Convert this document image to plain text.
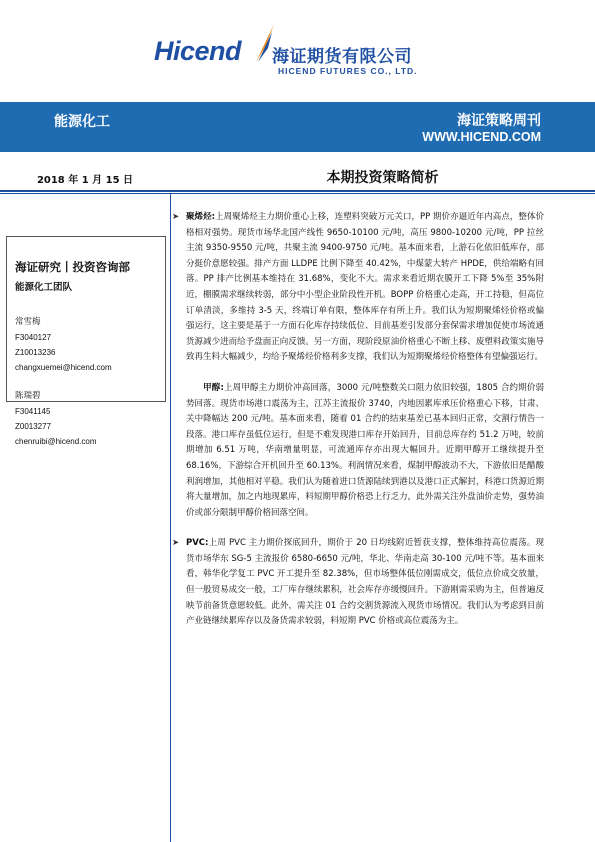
Hicend 海证期货有限公司
HICEND FUTURES CO., LTD.
能源化工	海证策略周刊
WWW.HICEND.COM
2018 年 1 月 15 日	本期投资策略简析
海证研究丨投资咨询部
能源化工团队
常雪梅
F3040127
Z10013236
changxuemei@hicend.com
陈瑞碧
F3041145
Z0013277
chenruibi@hicend.com

➤ 聚烯烃:上周聚烯烃主力期价重心上移，连塑料突破万元关口，PP 期价亦逼近年内高点，整体价格相对强势。现货市场华北国产线性 9650-10100 元/吨，高压 9800-10200 元/吨，PP 拉丝主流 9350-9550 元/吨，共聚主流 9400-9750 元/吨。基本面来看，上游石化依旧低库存，部分挺价意愿较强。排产方面 LLDPE 比例下降至 40.42%，中煤蒙大转产 HPDE，供给端略有回落。PP 排产比例基本维持在 31.68%，变化不大。需求来看近期农膜开工下降 5%至 35%附近，棚膜需求继续转弱，部分中小型企业阶段性开机。BOPP 价格重心走高，开工持稳，但高位订单清淡，多维持 3-5 天，终端订单有限，整体库存有所上升。我们认为短期聚烯烃价格或偏强运行，这主要是基于一方面石化库存持续低位、目前基差引发部分套保需求增加促使市场流通货源减少进而给予盘面正向反馈。另一方面，现阶段原油价格重心不断上移、废塑料政策实施导致再生料大幅减少，均给予聚烯烃价格利多支撑，我们认为短期聚烯烃价格整体有望偏强运行。

甲醇:上周甲醇主力期价冲高回落，3000 元/吨整数关口阻力依旧较强，1805 合约期价弱势回落。现货市场港口震荡为主，江苏主流报价 3740，内地因累库承压价格重心下移，甘肃、关中降幅达 200 元/吨。基本面来看，随着 01 合约的结束基差已基本回归正常，交割行情告一段落。港口库存虽低位运行，但是不难发现港口库存开始回升，目前总库存约 51.2 万吨，较前期增加 6.51 万吨，华南增量明显，可流通库存亦出现大幅回升。近期甲醇开工继续提升至 68.16%，下游综合开机回升至 60.13%。利润情况来看，煤制甲醇波动不大，下游依旧是醋酸利润增加，其他相对平稳。我们认为随着进口货源陆续到港以及港口正式解封，科港口货源近期将大量增加，加之内地现累库，料短期甲醇价格恐上行乏力，此外需关注外盘油价走势，强势油价或部分限制甲醇价格回落空间。

➤ PVC:上周 PVC 主力期价探底回升，期价于 20 日均线附近暂获支撑，整体维持高位震荡。现货市场华东 SG-5 主流报价 6580-6650 元/吨，华北、华南走高 30-100 元/吨不等。基本面来看，韩华化学复工 PVC 开工提升至 82.38%，但市场整体低位刚需成交，低位点价成交放量，但一般贸易成交一般，工厂库存继续累积，社会库存亦缓慢回升。下游刚需采购为主，但普遍反映节前备货意愿较低。此外，需关注 01 合约交割货源流入现货市场情况。我们认为考虑到目前产业链继续累库存以及备货需求较弱，料短期 PVC 价格或高位震荡为主。
